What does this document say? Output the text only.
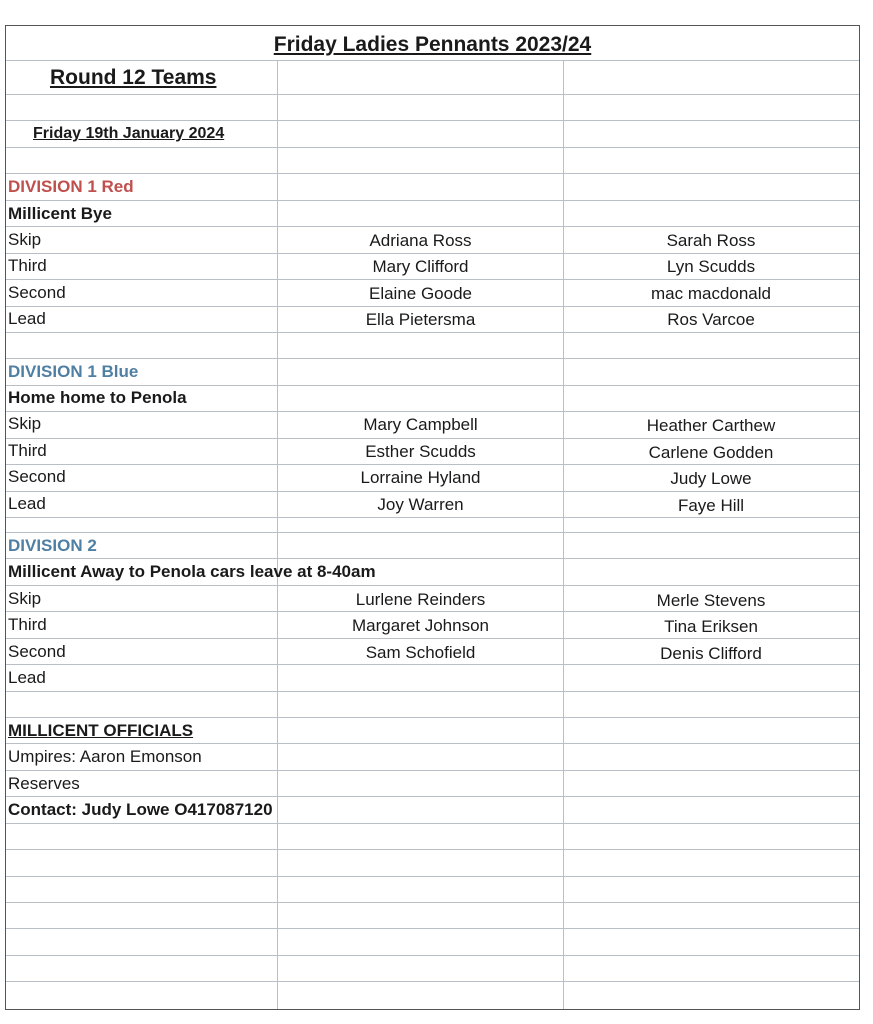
Friday Ladies Pennants 2023/24
Round 12 Teams
Friday 19th January 2024
DIVISION 1 Red
Millicent Bye
Skip	Adriana Ross	Sarah Ross
Third	Mary Clifford	Lyn Scudds
Second	Elaine Goode	mac macdonald
Lead	Ella Pietersma	Ros Varcoe
DIVISION 1 Blue
Home home to Penola
Skip	Mary Campbell	Heather Carthew
Third	Esther Scudds	Carlene Godden
Second	Lorraine Hyland	Judy Lowe
Lead	Joy Warren	Faye Hill
DIVISION 2
Millicent Away to Penola cars leave at 8-40am
Skip	Lurlene Reinders	Merle Stevens
Third	Margaret Johnson	Tina Eriksen
Second	Sam Schofield	Denis Clifford
Lead
MILLICENT OFFICIALS
Umpires: Aaron Emonson
Reserves
Contact: Judy Lowe O417087120
